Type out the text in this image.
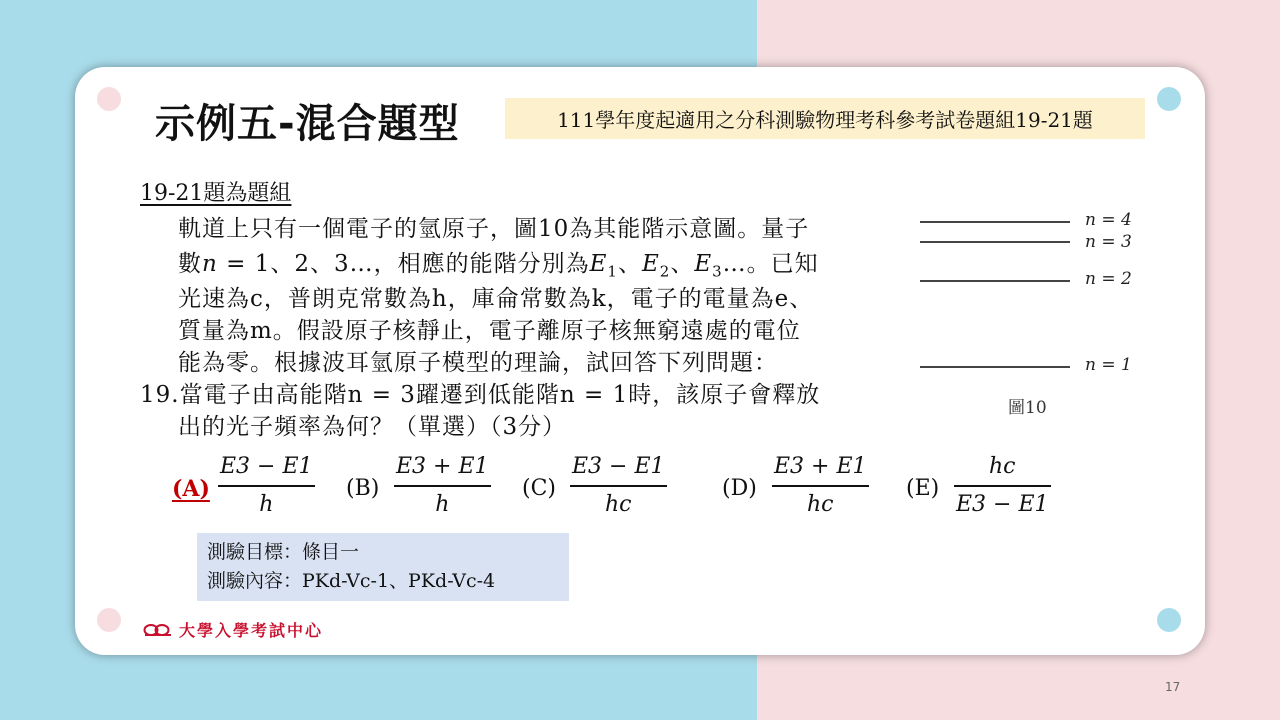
示例五-混合題型	111學年度起適用之分科測驗物理考科參考試卷題組19-21題
19-21題為題組
軌道上只有一個電子的氫原子，圖10為其能階示意圖。量子
數n = 1、2、3…，相應的能階分別為$E_1$、$E_2$、$E_3\dots$。已知
光速為c，普朗克常數為h，庫侖常數為k，電子的電量為e、
質量為m。假設原子核靜止，電子離原子核無窮遠處的電位
能為零。根據波耳氫原子模型的理論，試回答下列問題：
19.當電子由高能階n = 3躍遷到低能階n = 1時，該原子會釋放
出的光子頻率為何？（單選）（3分）
n = 4
n = 3
n = 2
n = 1
圖10
(A)
E3 − E1
h
(B)
E3 + E1
h
(C)
E3 − E1
hc
(D)
E3 + E1
hc
(E)
hc
E3 − E1
測驗目標：條目一
測驗內容：PKd-Vc-1、PKd-Vc-4
大學入學考試中心
17
